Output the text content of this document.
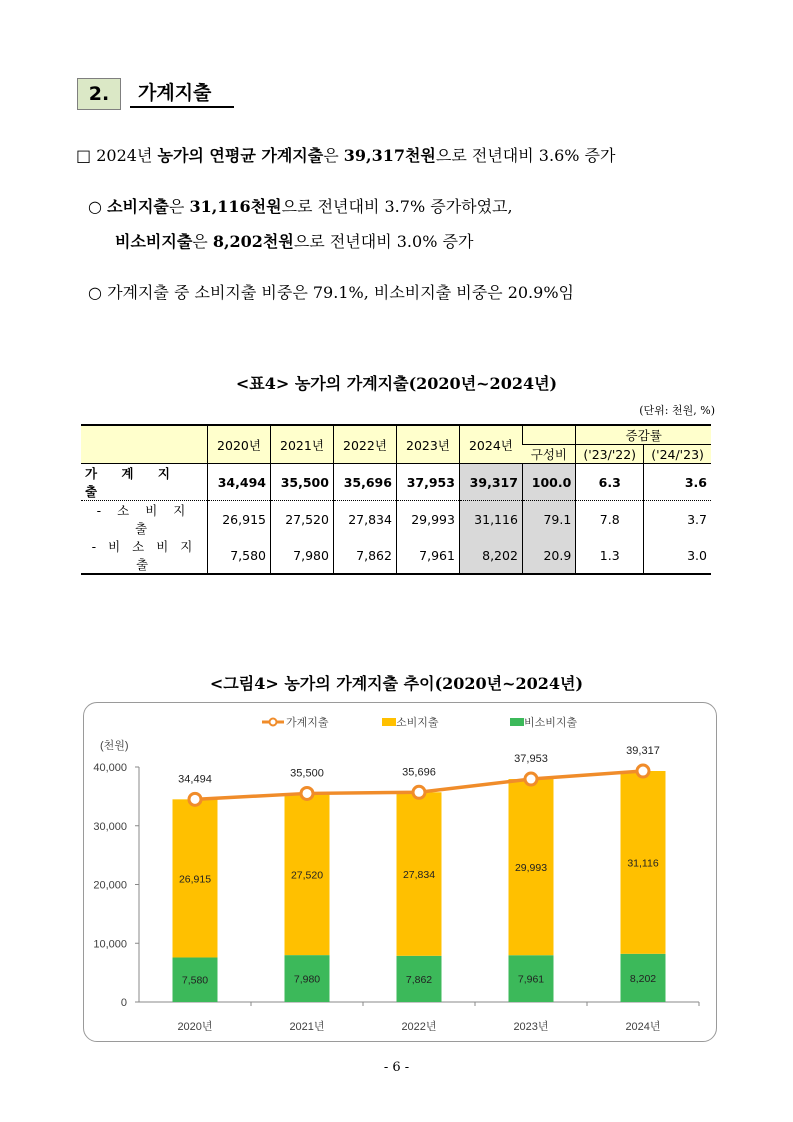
2.	가계지출
□ 2024년 농가의 연평균 가계지출은 39,317천원으로 전년대비 3.6% 증가
○ 소비지출은 31,116천원으로 전년대비 3.7% 증가하였고,
비소비지출은 8,202천원으로 전년대비 3.0% 증가
○ 가계지출 중 소비지출 비중은 79.1%, 비소비지출 비중은 20.9%임
<표4> 농가의 가계지출(2020년~2024년)
(단위: 천원, %)
	2020년	2021년	2022년	2023년	2024년		증감률	
						구성비	('23/'22)	('24/'23)
가 계 지 출	34,494	35,500	35,696	37,953	39,317	100.0	6.3	3.6
- 소 비 지 출	26,915	27,520	27,834	29,993	31,116	79.1	7.8	3.7
- 비 소 비 지 출	7,580	7,980	7,862	7,961	8,202	20.9	1.3	3.0
<그림4> 농가의 가계지출 추이(2020년~2024년)
(천원)
0
10,000
20,000
30,000
40,000
2020년
7,580
26,915
2021년
7,980
27,520
2022년
7,862
27,834
2023년
7,961
29,993
2024년
8,202
31,116
34,494	35,500	35,696
37,953
39,317
가계지출	소비지출	비소비지출
- 6 -
